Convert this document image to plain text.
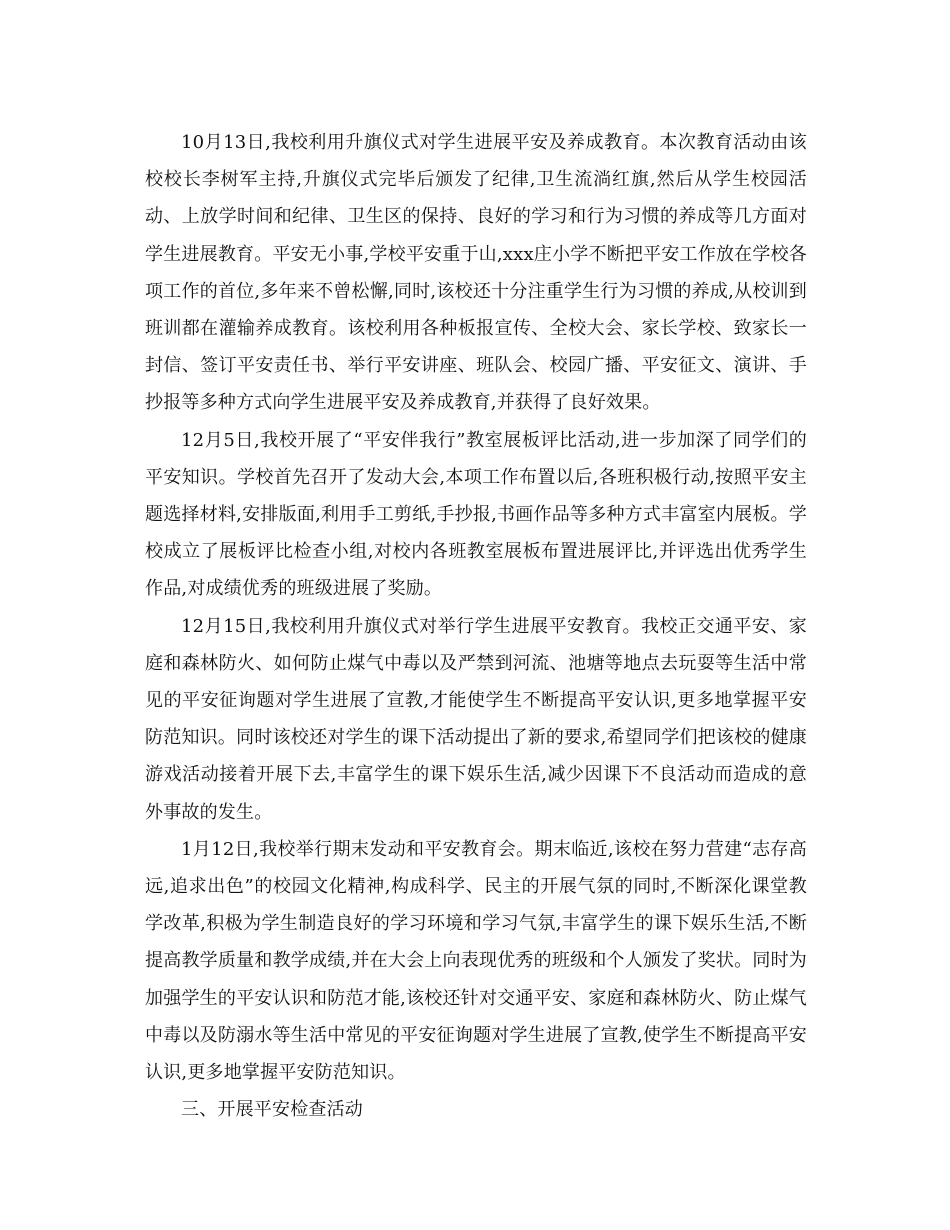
10月13日,我校利用升旗仪式对学生进展平安及养成教育。本次教育活动由该校校长李树军主持,升旗仪式完毕后颁发了纪律,卫生流淌红旗,然后从学生校园活动、上放学时间和纪律、卫生区的保持、良好的学习和行为习惯的养成等几方面对学生进展教育。平安无小事,学校平安重于山,xxx庄小学不断把平安工作放在学校各项工作的首位,多年来不曾松懈,同时,该校还十分注重学生行为习惯的养成,从校训到班训都在灌输养成教育。该校利用各种板报宣传、全校大会、家长学校、致家长一封信、签订平安责任书、举行平安讲座、班队会、校园广播、平安征文、演讲、手抄报等多种方式向学生进展平安及养成教育,并获得了良好效果。

12月5日,我校开展了“平安伴我行”教室展板评比活动,进一步加深了同学们的平安知识。学校首先召开了发动大会,本项工作布置以后,各班积极行动,按照平安主题选择材料,安排版面,利用手工剪纸,手抄报,书画作品等多种方式丰富室内展板。学校成立了展板评比检查小组,对校内各班教室展板布置进展评比,并评选出优秀学生作品,对成绩优秀的班级进展了奖励。

12月15日,我校利用升旗仪式对举行学生进展平安教育。我校正交通平安、家庭和森林防火、如何防止煤气中毒以及严禁到河流、池塘等地点去玩耍等生活中常见的平安征询题对学生进展了宣教,才能使学生不断提高平安认识,更多地掌握平安防范知识。同时该校还对学生的课下活动提出了新的要求,希望同学们把该校的健康游戏活动接着开展下去,丰富学生的课下娱乐生活,减少因课下不良活动而造成的意外事故的发生。

1月12日,我校举行期末发动和平安教育会。期末临近,该校在努力营建“志存高远,追求出色”的校园文化精神,构成科学、民主的开展气氛的同时,不断深化课堂教学改革,积极为学生制造良好的学习环境和学习气氛,丰富学生的课下娱乐生活,不断提高教学质量和教学成绩,并在大会上向表现优秀的班级和个人颁发了奖状。同时为加强学生的平安认识和防范才能,该校还针对交通平安、家庭和森林防火、防止煤气中毒以及防溺水等生活中常见的平安征询题对学生进展了宣教,使学生不断提高平安认识,更多地掌握平安防范知识。

三、开展平安检查活动
